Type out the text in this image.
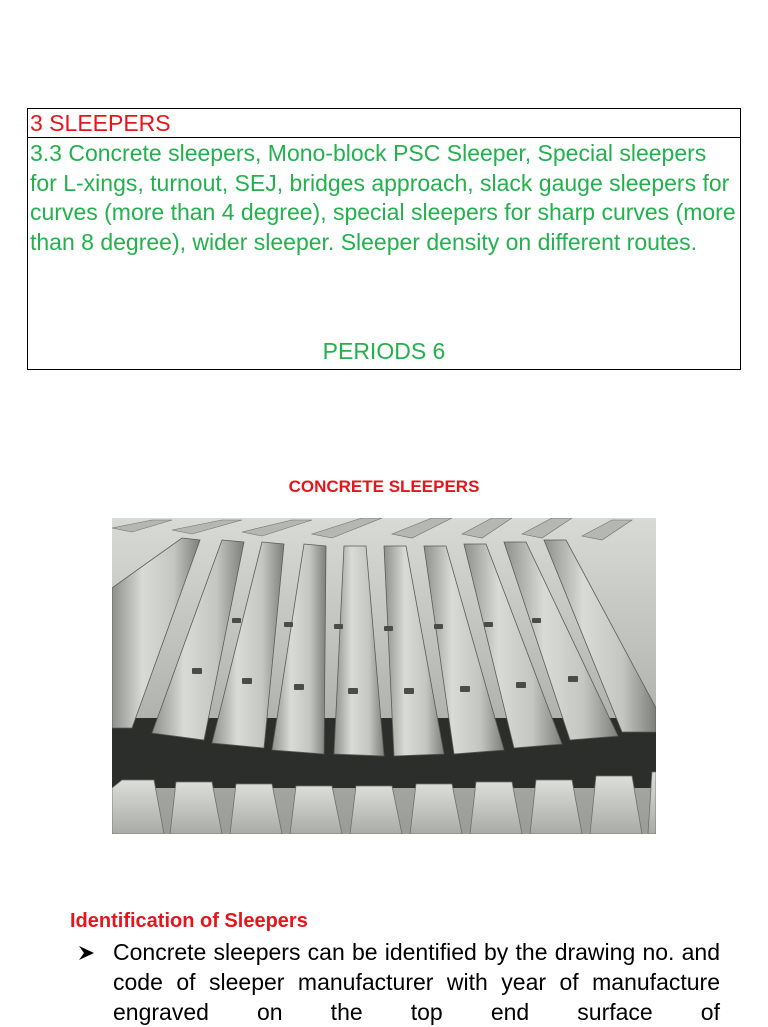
3 SLEEPERS
3.3 Concrete sleepers, Mono-block PSC Sleeper, Special sleepers for L-xings, turnout, SEJ, bridges approach, slack gauge sleepers for curves (more than 4 degree), special sleepers for sharp curves (more than 8 degree), wider sleeper. Sleeper density on different routes.
PERIODS 6
CONCRETE SLEEPERS
Identification of Sleepers
Concrete sleepers can be identified by the drawing no. and code of sleeper manufacturer with year of manufacture engraved on the top end surface of
